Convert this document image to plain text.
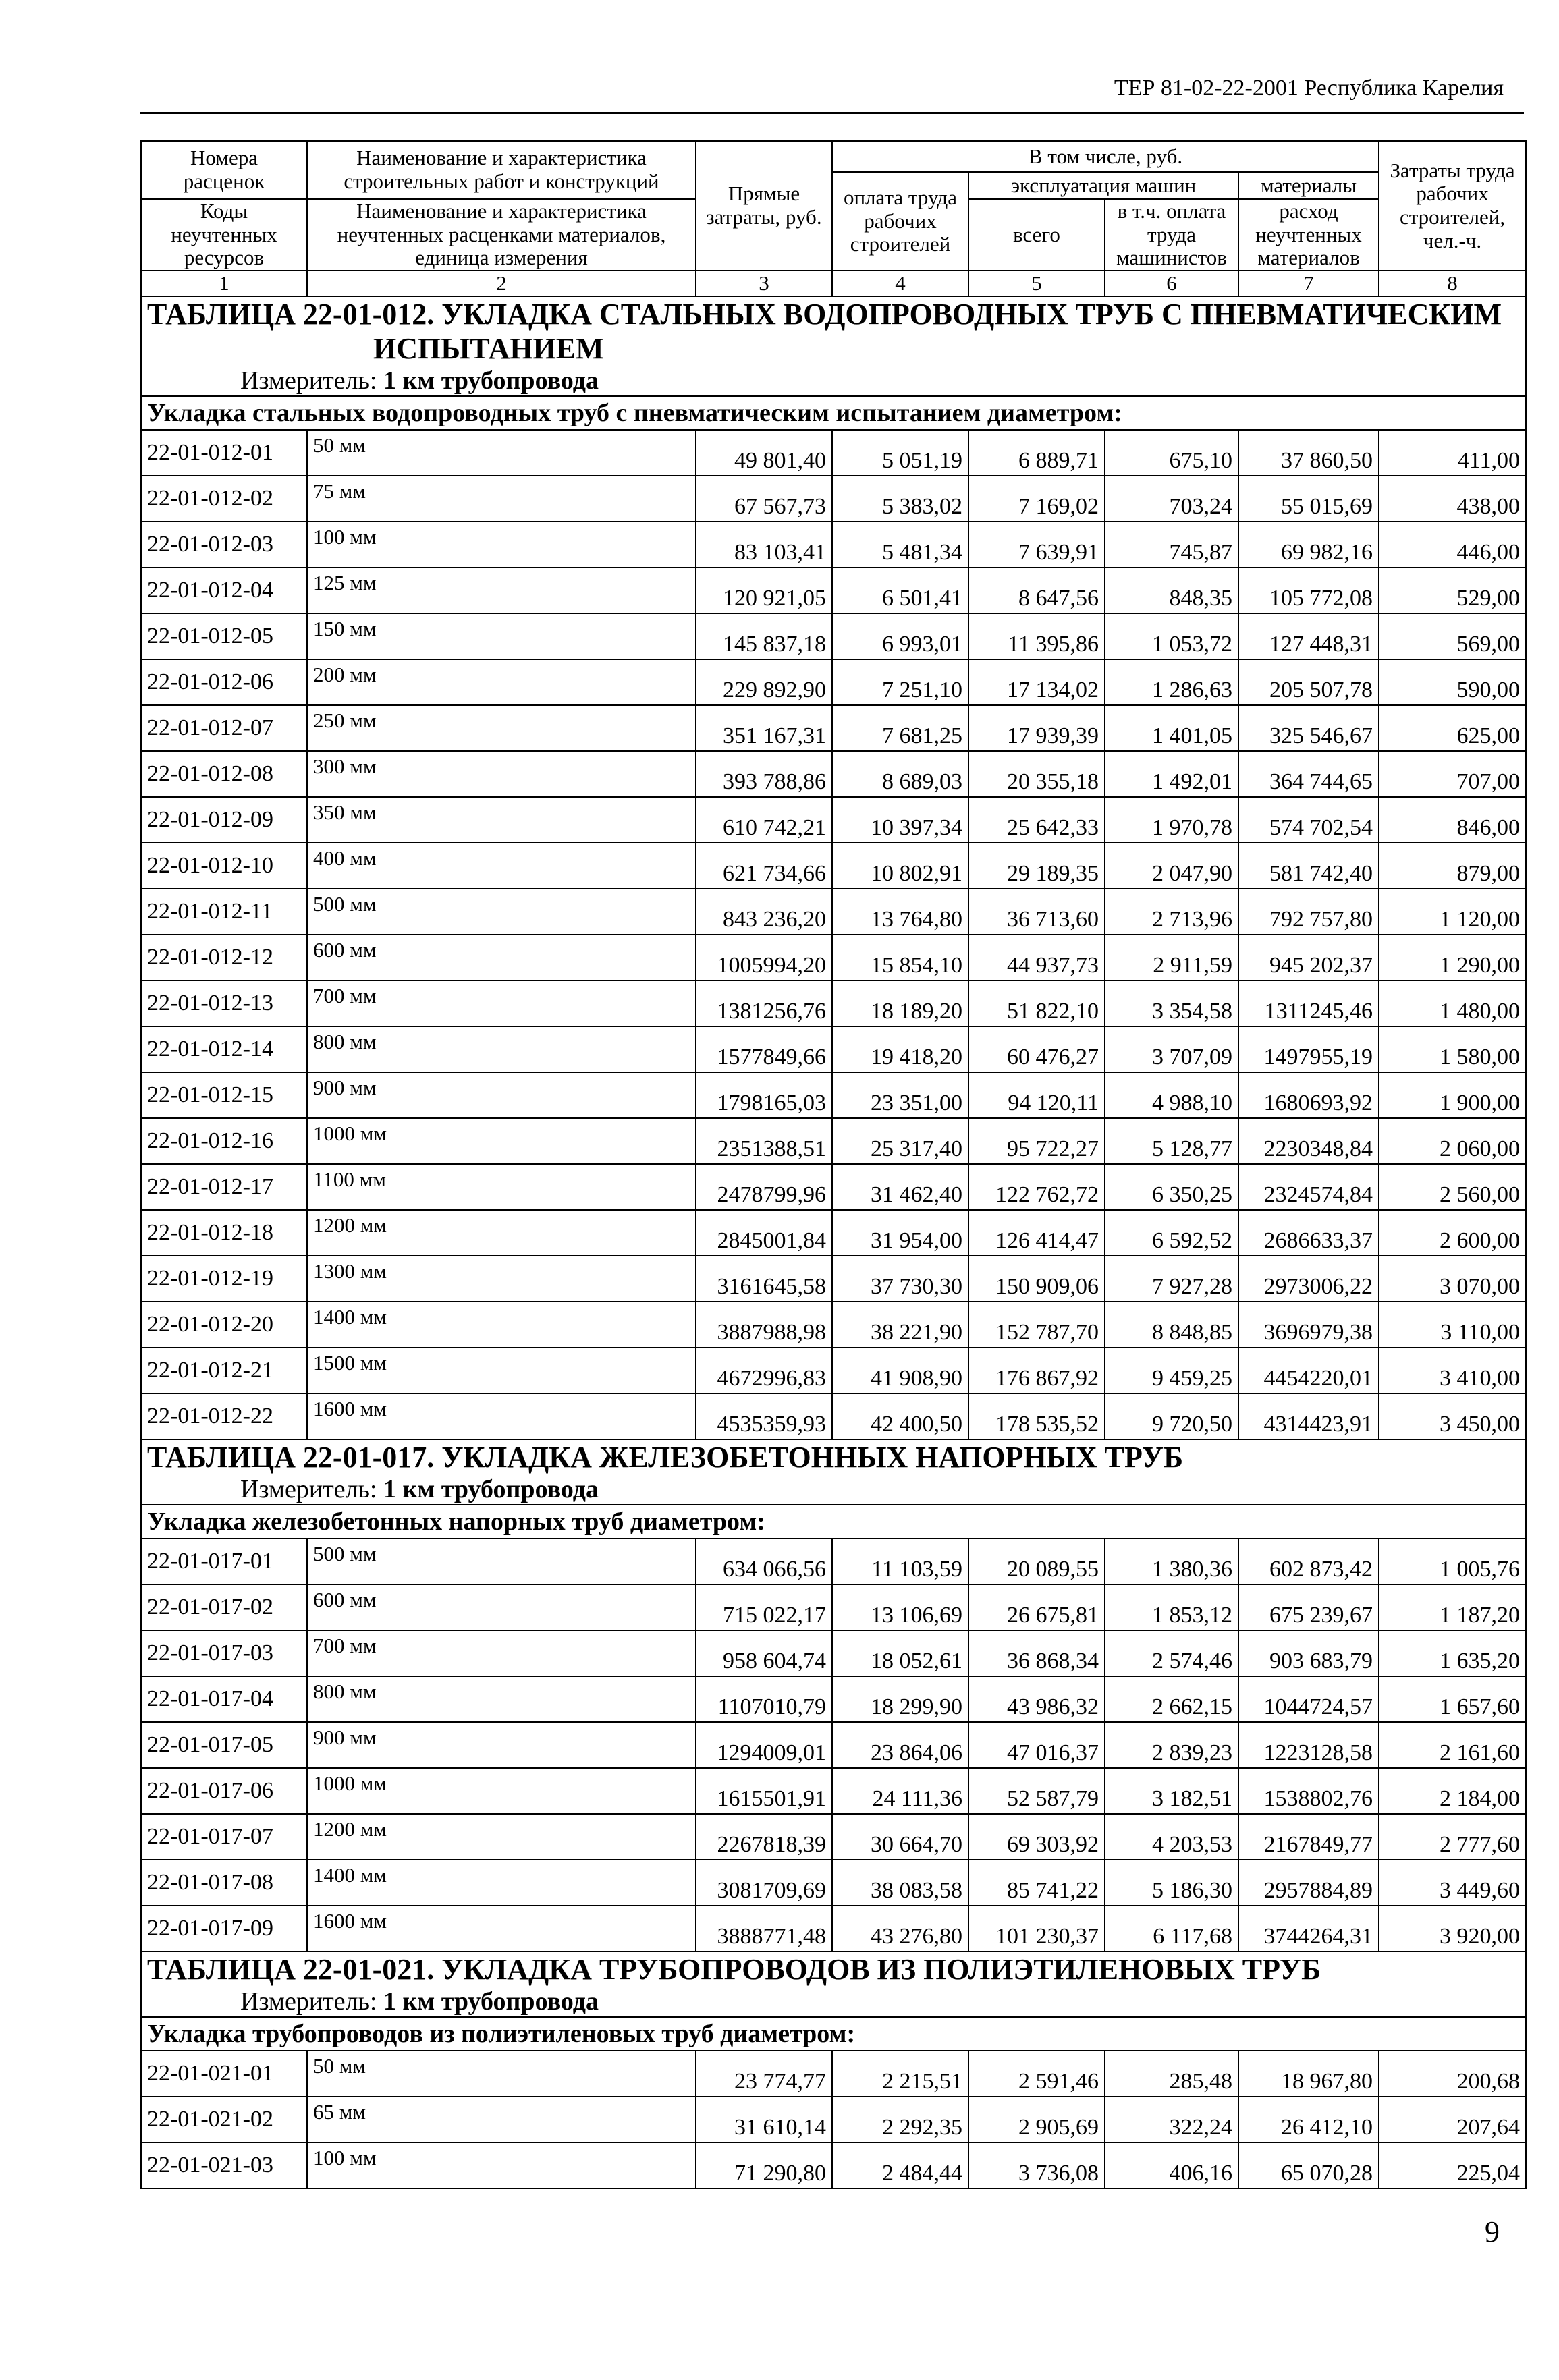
ТЕР 81-02-22-2001 Республика Карелия
Номера расценок	Наименование и характеристика строительных работ и конструкций	Прямые затраты, руб.	В том числе, руб.				Затраты труда рабочих строителей, чел.-ч.
			оплата труда рабочих строителей	эксплуатация машин		материалы	
Коды неучтенных ресурсов	Наименование и характеристика неучтенных расценками материалов, единица измерения			всего	в т.ч. оплата труда машинистов	расход неучтенных материалов	

1	2	3	4	5	6	7	8

ТАБЛИЦА 22-01-012. УКЛАДКА СТАЛЬНЫХ ВОДОПРОВОДНЫХ ТРУБ С ПНЕВМАТИЧЕСКИМ
ИСПЫТАНИЕМ
Измеритель: 1 км трубопровода							

Укладка стальных водопроводных труб с пневматическим испытанием диаметром:							
22-01-012-01	50 мм	49 801,40	5 051,19	6 889,71	675,10	37 860,50	411,00
22-01-012-02	75 мм	67 567,73	5 383,02	7 169,02	703,24	55 015,69	438,00
22-01-012-03	100 мм	83 103,41	5 481,34	7 639,91	745,87	69 982,16	446,00
22-01-012-04	125 мм	120 921,05	6 501,41	8 647,56	848,35	105 772,08	529,00
22-01-012-05	150 мм	145 837,18	6 993,01	11 395,86	1 053,72	127 448,31	569,00
22-01-012-06	200 мм	229 892,90	7 251,10	17 134,02	1 286,63	205 507,78	590,00
22-01-012-07	250 мм	351 167,31	7 681,25	17 939,39	1 401,05	325 546,67	625,00
22-01-012-08	300 мм	393 788,86	8 689,03	20 355,18	1 492,01	364 744,65	707,00
22-01-012-09	350 мм	610 742,21	10 397,34	25 642,33	1 970,78	574 702,54	846,00
22-01-012-10	400 мм	621 734,66	10 802,91	29 189,35	2 047,90	581 742,40	879,00
22-01-012-11	500 мм	843 236,20	13 764,80	36 713,60	2 713,96	792 757,80	1 120,00
22-01-012-12	600 мм	1005994,20	15 854,10	44 937,73	2 911,59	945 202,37	1 290,00
22-01-012-13	700 мм	1381256,76	18 189,20	51 822,10	3 354,58	1311245,46	1 480,00
22-01-012-14	800 мм	1577849,66	19 418,20	60 476,27	3 707,09	1497955,19	1 580,00
22-01-012-15	900 мм	1798165,03	23 351,00	94 120,11	4 988,10	1680693,92	1 900,00
22-01-012-16	1000 мм	2351388,51	25 317,40	95 722,27	5 128,77	2230348,84	2 060,00
22-01-012-17	1100 мм	2478799,96	31 462,40	122 762,72	6 350,25	2324574,84	2 560,00
22-01-012-18	1200 мм	2845001,84	31 954,00	126 414,47	6 592,52	2686633,37	2 600,00
22-01-012-19	1300 мм	3161645,58	37 730,30	150 909,06	7 927,28	2973006,22	3 070,00
22-01-012-20	1400 мм	3887988,98	38 221,90	152 787,70	8 848,85	3696979,38	3 110,00
22-01-012-21	1500 мм	4672996,83	41 908,90	176 867,92	9 459,25	4454220,01	3 410,00
22-01-012-22	1600 мм	4535359,93	42 400,50	178 535,52	9 720,50	4314423,91	3 450,00

ТАБЛИЦА 22-01-017. УКЛАДКА ЖЕЛЕЗОБЕТОННЫХ НАПОРНЫХ ТРУБ
Измеритель: 1 км трубопровода							

Укладка железобетонных напорных труб диаметром:							
22-01-017-01	500 мм	634 066,56	11 103,59	20 089,55	1 380,36	602 873,42	1 005,76
22-01-017-02	600 мм	715 022,17	13 106,69	26 675,81	1 853,12	675 239,67	1 187,20
22-01-017-03	700 мм	958 604,74	18 052,61	36 868,34	2 574,46	903 683,79	1 635,20
22-01-017-04	800 мм	1107010,79	18 299,90	43 986,32	2 662,15	1044724,57	1 657,60
22-01-017-05	900 мм	1294009,01	23 864,06	47 016,37	2 839,23	1223128,58	2 161,60
22-01-017-06	1000 мм	1615501,91	24 111,36	52 587,79	3 182,51	1538802,76	2 184,00
22-01-017-07	1200 мм	2267818,39	30 664,70	69 303,92	4 203,53	2167849,77	2 777,60
22-01-017-08	1400 мм	3081709,69	38 083,58	85 741,22	5 186,30	2957884,89	3 449,60
22-01-017-09	1600 мм	3888771,48	43 276,80	101 230,37	6 117,68	3744264,31	3 920,00

ТАБЛИЦА 22-01-021. УКЛАДКА ТРУБОПРОВОДОВ ИЗ ПОЛИЭТИЛЕНОВЫХ ТРУБ
Измеритель: 1 км трубопровода							

Укладка трубопроводов из полиэтиленовых труб диаметром:							
22-01-021-01	50 мм	23 774,77	2 215,51	2 591,46	285,48	18 967,80	200,68
22-01-021-02	65 мм	31 610,14	2 292,35	2 905,69	322,24	26 412,10	207,64
22-01-021-03	100 мм	71 290,80	2 484,44	3 736,08	406,16	65 070,28	225,04
9
